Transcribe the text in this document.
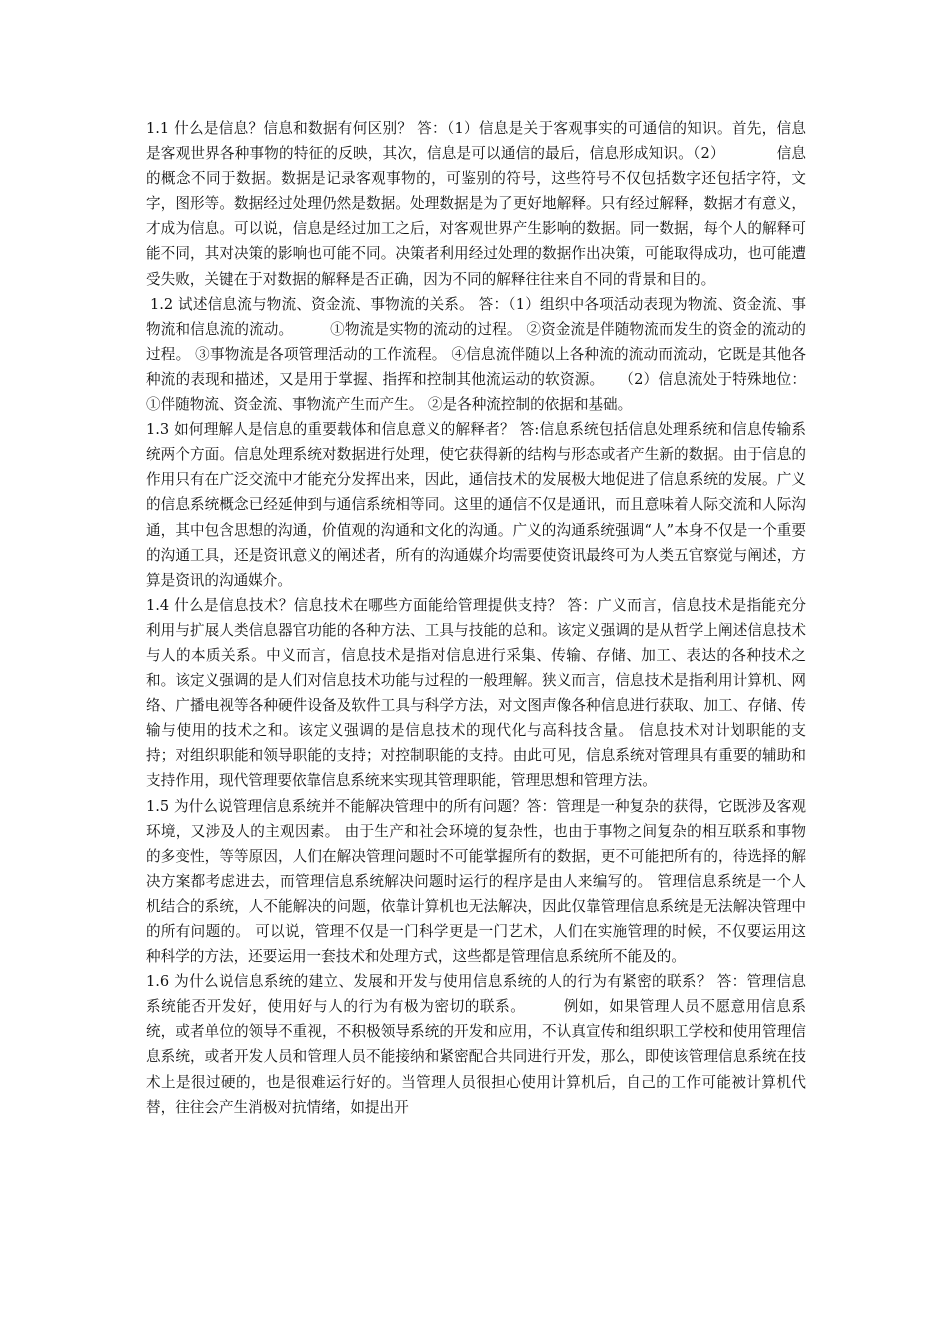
1.1 什么是信息？信息和数据有何区别？ 答：（1）信息是关于客观事实的可通信的知识。首先，信息是客观世界各种事物的特征的反映，其次，信息是可以通信的最后，信息形成知识。（2）　　　　信息的概念不同于数据。数据是记录客观事物的，可鉴别的符号，这些符号不仅包括数字还包括字符，文字，图形等。数据经过处理仍然是数据。处理数据是为了更好地解释。只有经过解释，数据才有意义，才成为信息。可以说，信息是经过加工之后，对客观世界产生影响的数据。同一数据，每个人的解释可能不同，其对决策的影响也可能不同。决策者利用经过处理的数据作出决策，可能取得成功，也可能遭受失败，关键在于对数据的解释是否正确，因为不同的解释往往来自不同的背景和目的。

1.2 试述信息流与物流、资金流、事物流的关系。 答：（1）组织中各项活动表现为物流、资金流、事物流和信息流的流动。　　　①物流是实物的流动的过程。 ②资金流是伴随物流而发生的资金的流动的过程。 ③事物流是各项管理活动的工作流程。 ④信息流伴随以上各种流的流动而流动，它既是其他各种流的表现和描述，又是用于掌握、指挥和控制其他流运动的软资源。　　（2）信息流处于特殊地位： ①伴随物流、资金流、事物流产生而产生。 ②是各种流控制的依据和基础。

1.3 如何理解人是信息的重要载体和信息意义的解释者？ 答:信息系统包括信息处理系统和信息传输系统两个方面。信息处理系统对数据进行处理，使它获得新的结构与形态或者产生新的数据。由于信息的作用只有在广泛交流中才能充分发挥出来，因此，通信技术的发展极大地促进了信息系统的发展。广义的信息系统概念已经延伸到与通信系统相等同。这里的通信不仅是通讯，而且意味着人际交流和人际沟通，其中包含思想的沟通，价值观的沟通和文化的沟通。广义的沟通系统强调“人”本身不仅是一个重要的沟通工具，还是资讯意义的阐述者，所有的沟通媒介均需要使资讯最终可为人类五官察觉与阐述，方算是资讯的沟通媒介。

1.4 什么是信息技术？信息技术在哪些方面能给管理提供支持？ 答：广义而言，信息技术是指能充分利用与扩展人类信息器官功能的各种方法、工具与技能的总和。该定义强调的是从哲学上阐述信息技术与人的本质关系。中义而言，信息技术是指对信息进行采集、传输、存储、加工、表达的各种技术之和。该定义强调的是人们对信息技术功能与过程的一般理解。狭义而言，信息技术是指利用计算机、网络、广播电视等各种硬件设备及软件工具与科学方法，对文图声像各种信息进行获取、加工、存储、传输与使用的技术之和。该定义强调的是信息技术的现代化与高科技含量。 信息技术对计划职能的支持；对组织职能和领导职能的支持；对控制职能的支持。由此可见，信息系统对管理具有重要的辅助和支持作用，现代管理要依靠信息系统来实现其管理职能，管理思想和管理方法。

1.5 为什么说管理信息系统并不能解决管理中的所有问题？答：管理是一种复杂的获得，它既涉及客观环境，又涉及人的主观因素。 由于生产和社会环境的复杂性，也由于事物之间复杂的相互联系和事物的多变性，等等原因，人们在解决管理问题时不可能掌握所有的数据，更不可能把所有的，待选择的解决方案都考虑进去，而管理信息系统解决问题时运行的程序是由人来编写的。 管理信息系统是一个人机结合的系统，人不能解决的问题，依靠计算机也无法解决，因此仅靠管理信息系统是无法解决管理中的所有问题的。 可以说，管理不仅是一门科学更是一门艺术，人们在实施管理的时候，不仅要运用这种科学的方法，还要运用一套技术和处理方式，这些都是管理信息系统所不能及的。

1.6 为什么说信息系统的建立、发展和开发与使用信息系统的人的行为有紧密的联系？ 答：管理信息系统能否开发好，使用好与人的行为有极为密切的联系。　　　例如，如果管理人员不愿意用信息系统，或者单位的领导不重视，不积极领导系统的开发和应用，不认真宣传和组织职工学校和使用管理信息系统，或者开发人员和管理人员不能接纳和紧密配合共同进行开发，那么，即使该管理信息系统在技术上是很过硬的，也是很难运行好的。当管理人员很担心使用计算机后，自己的工作可能被计算机代替，往往会产生消极对抗情绪，如提出开
